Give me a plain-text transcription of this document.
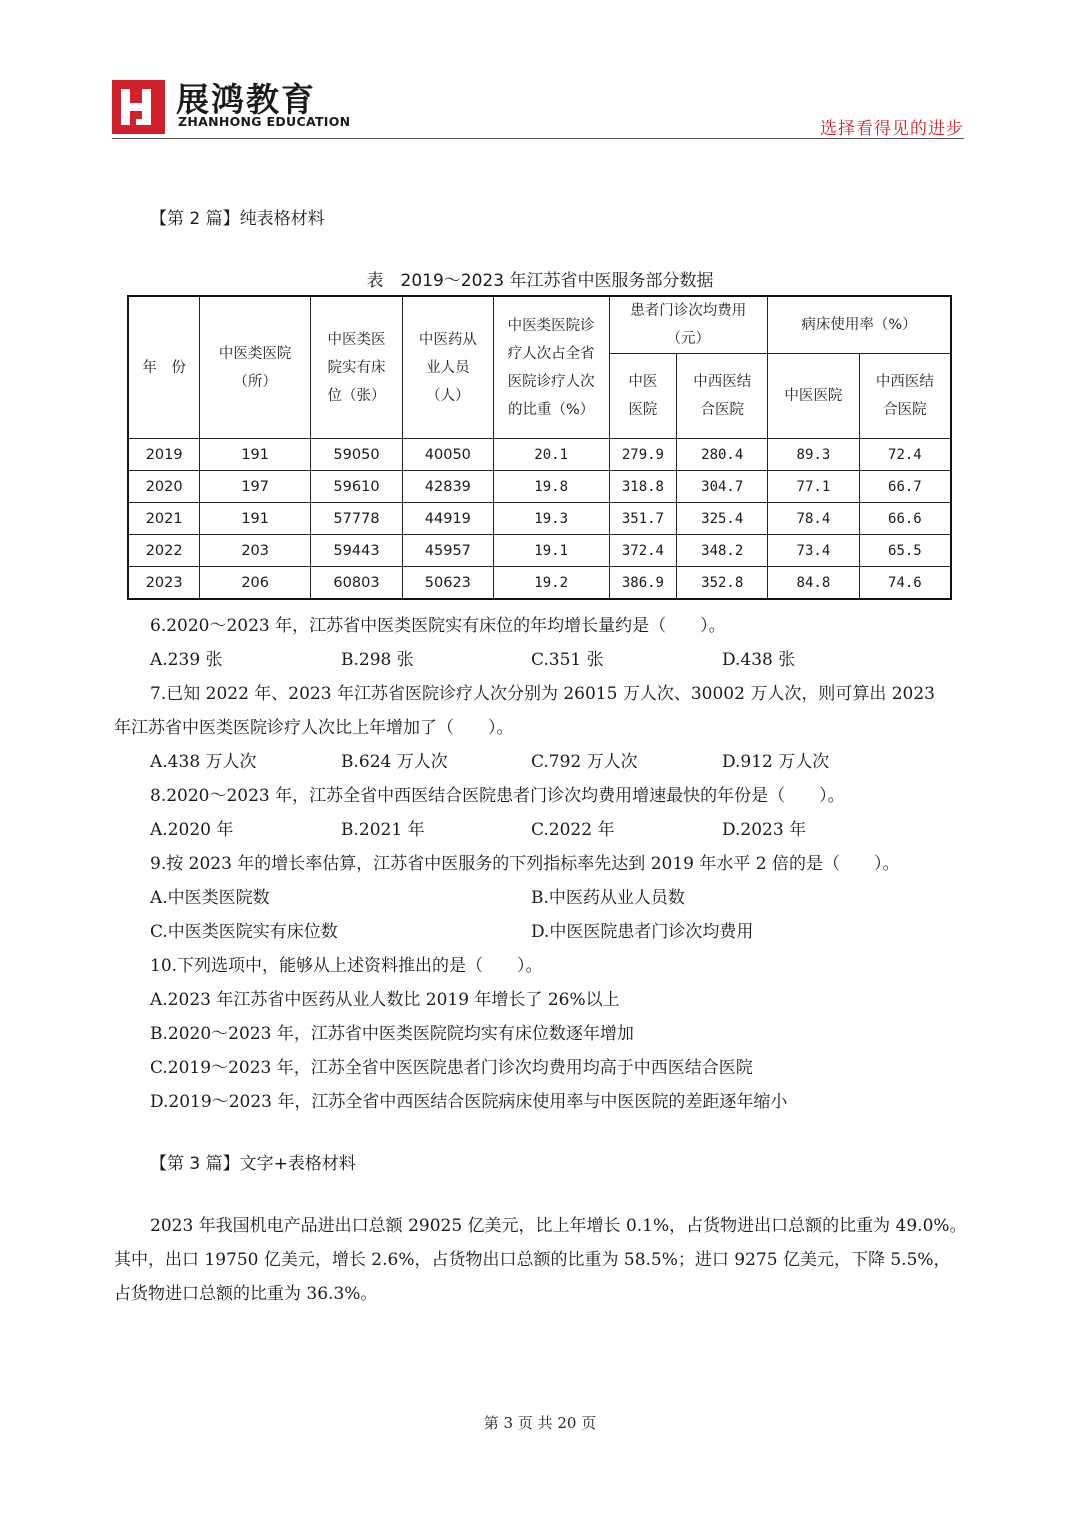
展鸿教育
ZHANHONG EDUCATION	选择看得见的进步
【第 2 篇】纯表格材料
表　2019～2023 年江苏省中医服务部分数据
年　份	中医类医院（所）	中医类医院实有床位（张）	中医药从业人员（人）	中医类医院诊疗人次占全省医院诊疗人次的比重（%）	患者门诊次均费用（元）		病床使用率（%）	
					中医医院	中西医结合医院	中医医院	中西医结合医院
2019	191	59050	40050	20.1	279.9	280.4	89.3	72.4
2020	197	59610	42839	19.8	318.8	304.7	77.1	66.7
2021	191	57778	44919	19.3	351.7	325.4	78.4	66.6
2022	203	59443	45957	19.1	372.4	348.2	73.4	65.5
2023	206	60803	50623	19.2	386.9	352.8	84.8	74.6
6.2020～2023 年，江苏省中医类医院实有床位的年均增长量约是（　　）。
A.239 张	B.298 张	C.351 张	D.438 张
7.已知 2022 年、2023 年江苏省医院诊疗人次分别为 26015 万人次、30002 万人次，则可算出 2023
年江苏省中医类医院诊疗人次比上年增加了（　　）。
A.438 万人次	B.624 万人次	C.792 万人次	D.912 万人次
8.2020～2023 年，江苏全省中西医结合医院患者门诊次均费用增速最快的年份是（　　）。
A.2020 年	B.2021 年	C.2022 年	D.2023 年
9.按 2023 年的增长率估算，江苏省中医服务的下列指标率先达到 2019 年水平 2 倍的是（　　）。
A.中医类医院数	B.中医药从业人员数
C.中医类医院实有床位数	D.中医医院患者门诊次均费用
10.下列选项中，能够从上述资料推出的是（　　）。
A.2023 年江苏省中医药从业人数比 2019 年增长了 26%以上
B.2020～2023 年，江苏省中医类医院院均实有床位数逐年增加
C.2019～2023 年，江苏全省中医医院患者门诊次均费用均高于中西医结合医院
D.2019～2023 年，江苏全省中西医结合医院病床使用率与中医医院的差距逐年缩小
【第 3 篇】文字+表格材料
2023 年我国机电产品进出口总额 29025 亿美元，比上年增长 0.1%，占货物进出口总额的比重为 49.0%。
其中，出口 19750 亿美元，增长 2.6%，占货物出口总额的比重为 58.5%；进口 9275 亿美元，下降 5.5%，
占货物进口总额的比重为 36.3%。
第 3 页 共 20 页
